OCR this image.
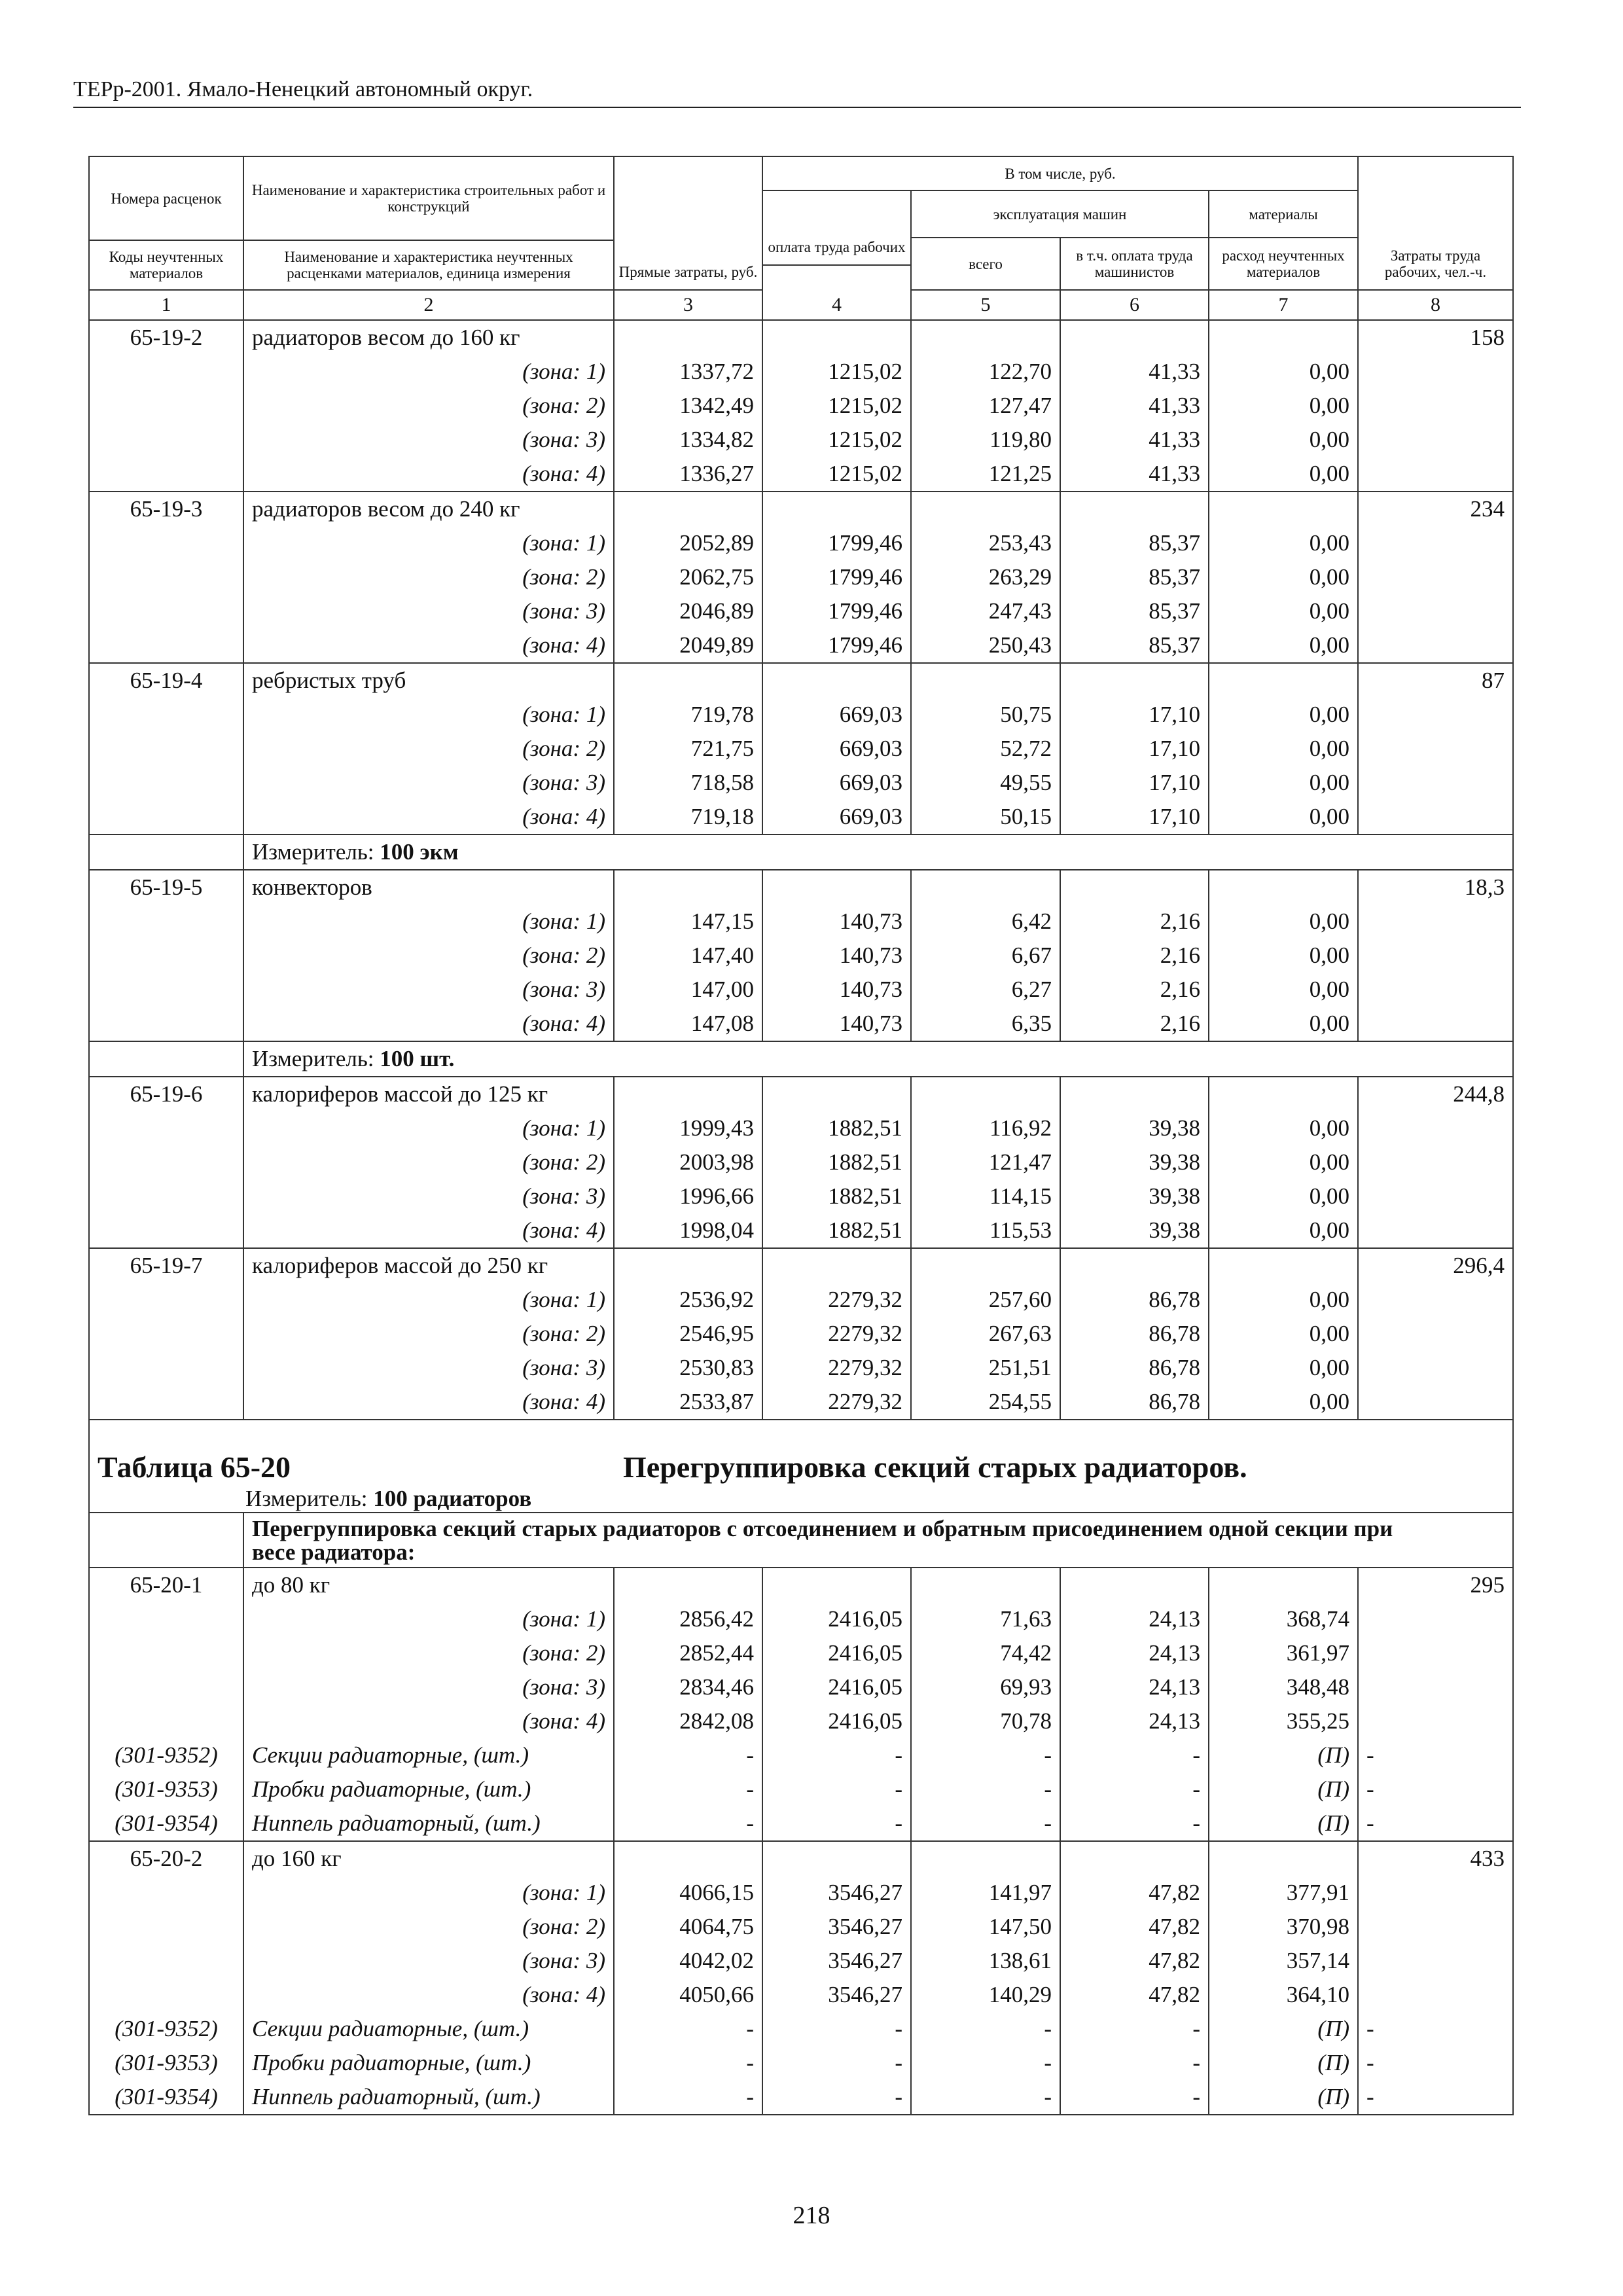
ТЕРр-2001. Ямало-Ненецкий автономный округ.
Номера расценок	Наименование и характеристика строительных работ и конструкций	Прямые затраты, руб.	В том числе, руб.				Затраты труда рабочих, чел.-ч.
			оплата труда рабочих	эксплуатация машин		материалы	
				всего	в т.ч. оплата труда машинистов	расход неучтенных материалов	
Коды неучтенных материалов	Наименование и характеристика неучтенных расценками материалов, единица измерения						

1	2	3	4	5	6	7	8
65-19-2	радиаторов весом до 160 кг						158
	(зона: 1)	1337,72	1215,02	122,70	41,33	0,00	
	(зона: 2)	1342,49	1215,02	127,47	41,33	0,00	
	(зона: 3)	1334,82	1215,02	119,80	41,33	0,00	
	(зона: 4)	1336,27	1215,02	121,25	41,33	0,00	
65-19-3	радиаторов весом до 240 кг						234
	(зона: 1)	2052,89	1799,46	253,43	85,37	0,00	
	(зона: 2)	2062,75	1799,46	263,29	85,37	0,00	
	(зона: 3)	2046,89	1799,46	247,43	85,37	0,00	
	(зона: 4)	2049,89	1799,46	250,43	85,37	0,00	
65-19-4	ребристых труб						87
	(зона: 1)	719,78	669,03	50,75	17,10	0,00	
	(зона: 2)	721,75	669,03	52,72	17,10	0,00	
	(зона: 3)	718,58	669,03	49,55	17,10	0,00	
	(зона: 4)	719,18	669,03	50,15	17,10	0,00	
	Измеритель: 100 экм						
65-19-5	конвекторов						18,3
	(зона: 1)	147,15	140,73	6,42	2,16	0,00	
	(зона: 2)	147,40	140,73	6,67	2,16	0,00	
	(зона: 3)	147,00	140,73	6,27	2,16	0,00	
	(зона: 4)	147,08	140,73	6,35	2,16	0,00	
	Измеритель: 100 шт.						
65-19-6	калориферов массой до 125 кг						244,8
	(зона: 1)	1999,43	1882,51	116,92	39,38	0,00	
	(зона: 2)	2003,98	1882,51	121,47	39,38	0,00	
	(зона: 3)	1996,66	1882,51	114,15	39,38	0,00	
	(зона: 4)	1998,04	1882,51	115,53	39,38	0,00	
65-19-7	калориферов массой до 250 кг						296,4
	(зона: 1)	2536,92	2279,32	257,60	86,78	0,00	
	(зона: 2)	2546,95	2279,32	267,63	86,78	0,00	
	(зона: 3)	2530,83	2279,32	251,51	86,78	0,00	
	(зона: 4)	2533,87	2279,32	254,55	86,78	0,00	
Таблица 65-20 Перегруппировка секций старых радиаторов.
Измеритель: 100 радиаторов							

	Перегруппировка секций старых радиаторов с отсоединением и обратным присоединением одной секции при весе радиатора:						

65-20-1	до 80 кг						295
	(зона: 1)	2856,42	2416,05	71,63	24,13	368,74	
	(зона: 2)	2852,44	2416,05	74,42	24,13	361,97	
	(зона: 3)	2834,46	2416,05	69,93	24,13	348,48	
	(зона: 4)	2842,08	2416,05	70,78	24,13	355,25	
(301-9352)	Секции радиаторные, (шт.)	-	-	-	-	(П)	-
(301-9353)	Пробки радиаторные, (шт.)	-	-	-	-	(П)	-
(301-9354)	Ниппель радиаторный, (шт.)	-	-	-	-	(П)	-
65-20-2	до 160 кг						433
	(зона: 1)	4066,15	3546,27	141,97	47,82	377,91	
	(зона: 2)	4064,75	3546,27	147,50	47,82	370,98	
	(зона: 3)	4042,02	3546,27	138,61	47,82	357,14	
	(зона: 4)	4050,66	3546,27	140,29	47,82	364,10	
(301-9352)	Секции радиаторные, (шт.)	-	-	-	-	(П)	-
(301-9353)	Пробки радиаторные, (шт.)	-	-	-	-	(П)	-
(301-9354)	Ниппель радиаторный, (шт.)	-	-	-	-	(П)	-
218
